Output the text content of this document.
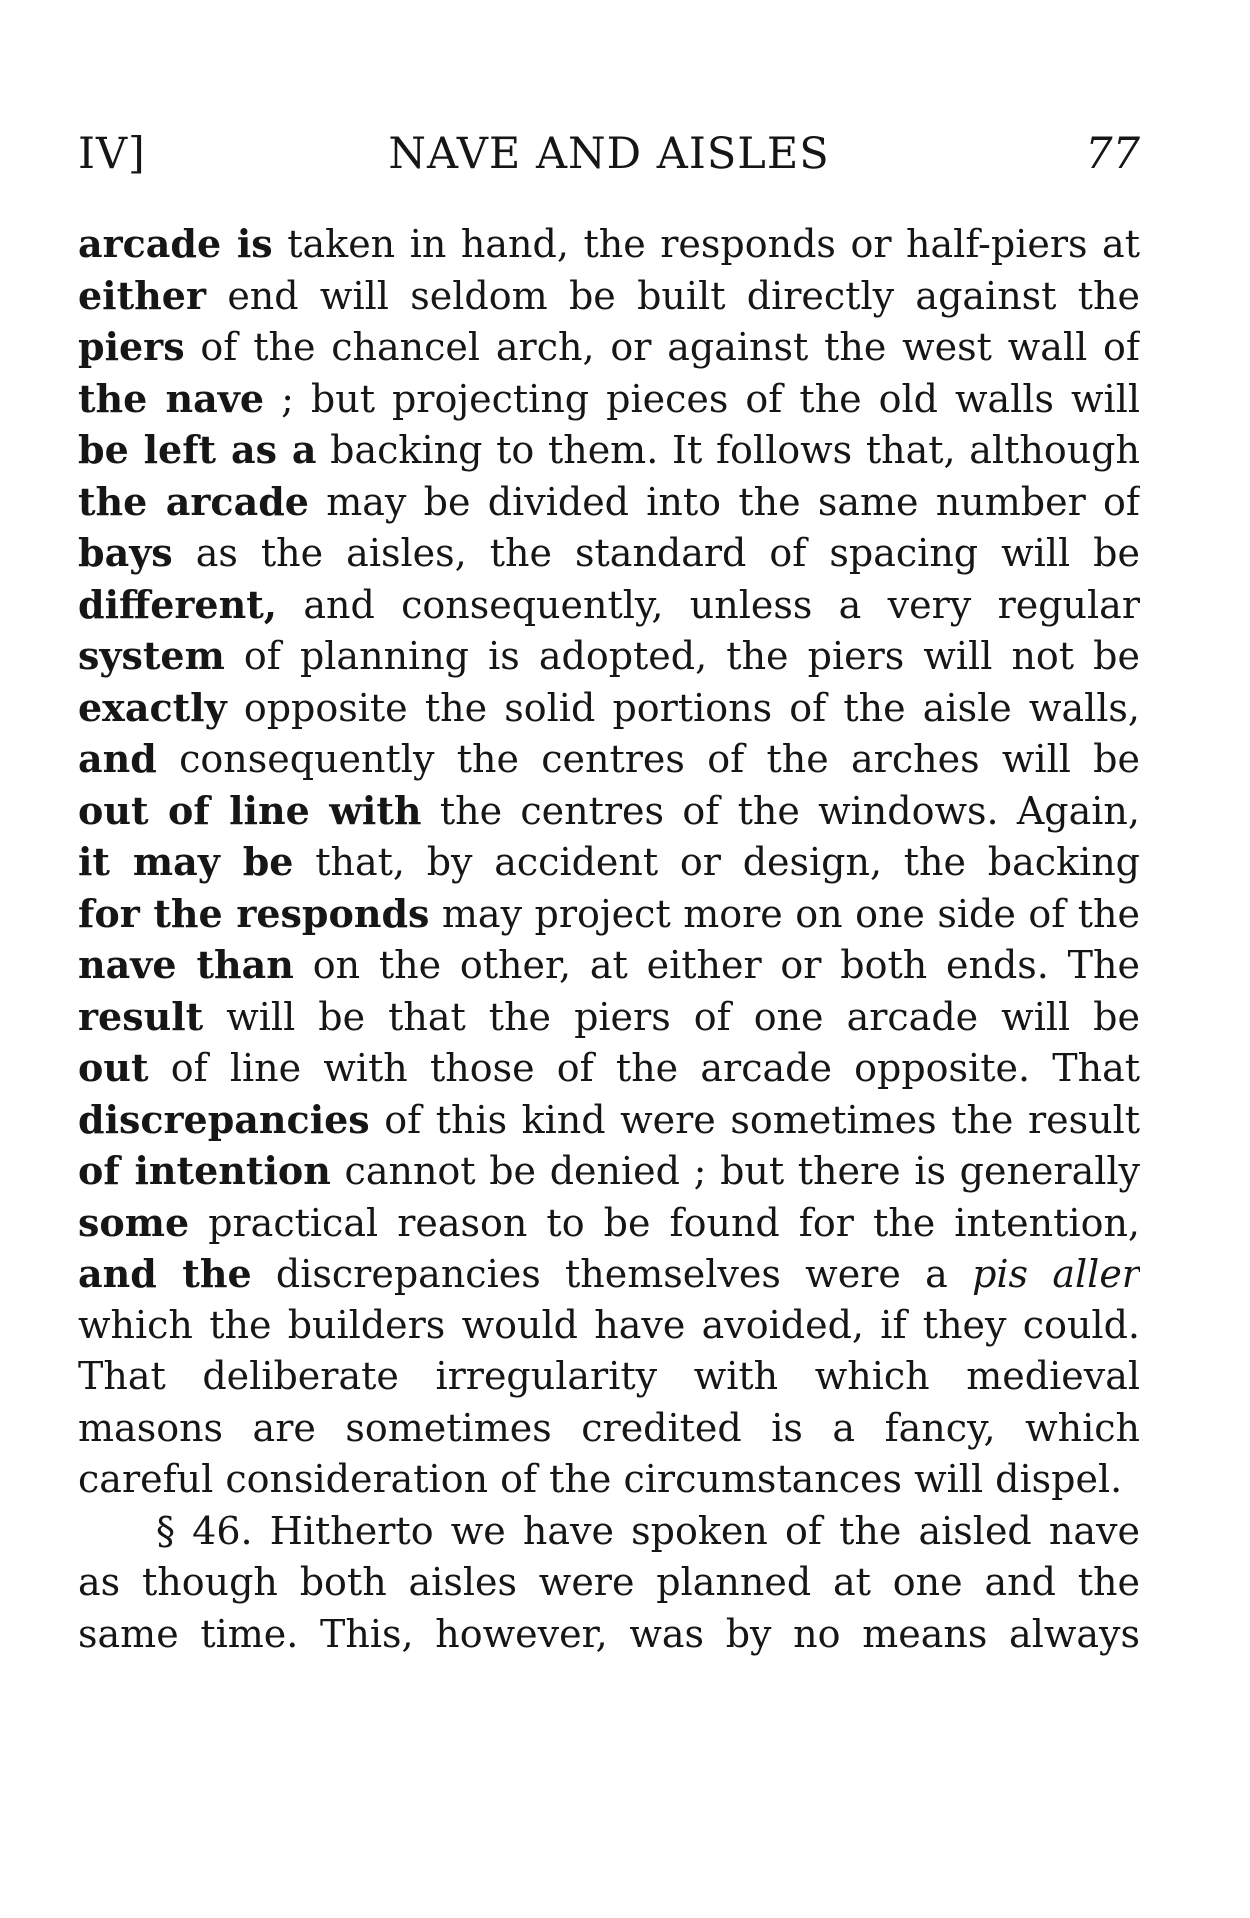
IV]	NAVE AND AISLES	77
arcade is taken in hand, the responds or half-piers at
either end will seldom be built directly against the
piers of the chancel arch, or against the west wall of
the nave ; but projecting pieces of the old walls will
be left as a backing to them. It follows that, although
the arcade may be divided into the same number of
bays as the aisles, the standard of spacing will be
different, and consequently, unless a very regular
system of planning is adopted, the piers will not be
exactly opposite the solid portions of the aisle walls,
and consequently the centres of the arches will be
out of line with the centres of the windows. Again,
it may be that, by accident or design, the backing
for the responds may project more on one side of the
nave than on the other, at either or both ends. The
result will be that the piers of one arcade will be
out of line with those of the arcade opposite. That
discrepancies of this kind were sometimes the result
of intention cannot be denied ; but there is generally
some practical reason to be found for the intention,
and the discrepancies themselves were a pis aller
which the builders would have avoided, if they could.
That deliberate irregularity with which medieval
masons are sometimes credited is a fancy, which
careful consideration of the circumstances will dispel.
§ 46. Hitherto we have spoken of the aisled nave
as though both aisles were planned at one and the
same time. This, however, was by no means always
